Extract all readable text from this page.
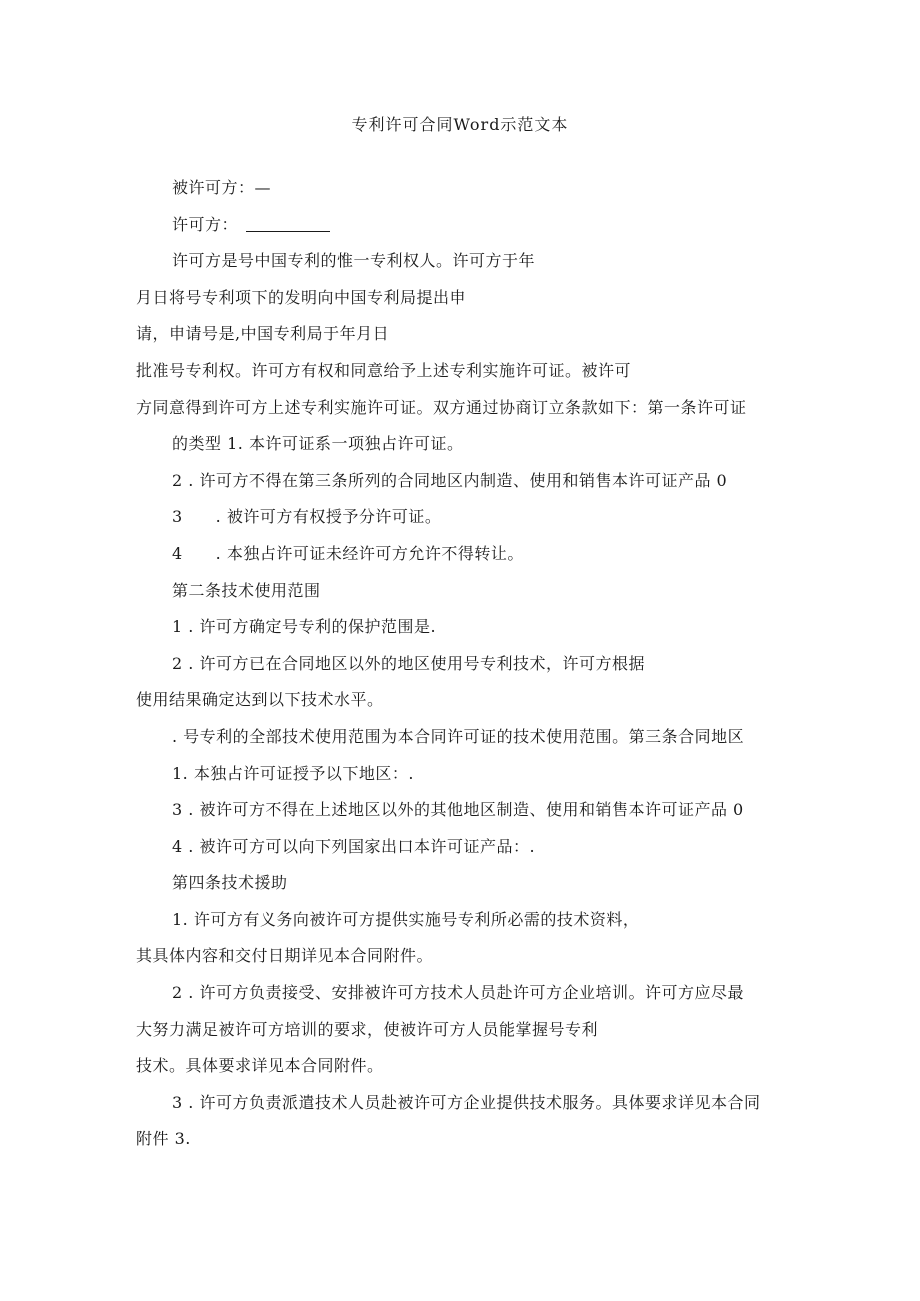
专利许可合同Word示范文本
被许可方：—
许可方：
许可方是号中国专利的惟一专利权人。许可方于年
月日将号专利项下的发明向中国专利局提出申
请，申请号是,中国专利局于年月日
批准号专利权。许可方有权和同意给予上述专利实施许可证。被许可
方同意得到许可方上述专利实施许可证。双方通过协商订立条款如下：第一条许可证
的类型 1. 本许可证系一项独占许可证。
2 . 许可方不得在第三条所列的合同地区内制造、使用和销售本许可证产品 0
3　　. 被许可方有权授予分许可证。
4　　. 本独占许可证未经许可方允许不得转让。
第二条技术使用范围
1 . 许可方确定号专利的保护范围是.
2 . 许可方已在合同地区以外的地区使用号专利技术，许可方根据
使用结果确定达到以下技术水平。
. 号专利的全部技术使用范围为本合同许可证的技术使用范围。第三条合同地区
1. 本独占许可证授予以下地区：.
3 . 被许可方不得在上述地区以外的其他地区制造、使用和销售本许可证产品 0
4 . 被许可方可以向下列国家出口本许可证产品：.
第四条技术援助
1. 许可方有义务向被许可方提供实施号专利所必需的技术资料，
其具体内容和交付日期详见本合同附件。
2 . 许可方负责接受、安排被许可方技术人员赴许可方企业培训。许可方应尽最
大努力满足被许可方培训的要求，使被许可方人员能掌握号专利
技术。具体要求详见本合同附件。
3 . 许可方负责派遣技术人员赴被许可方企业提供技术服务。具体要求详见本合同
附件 3.
